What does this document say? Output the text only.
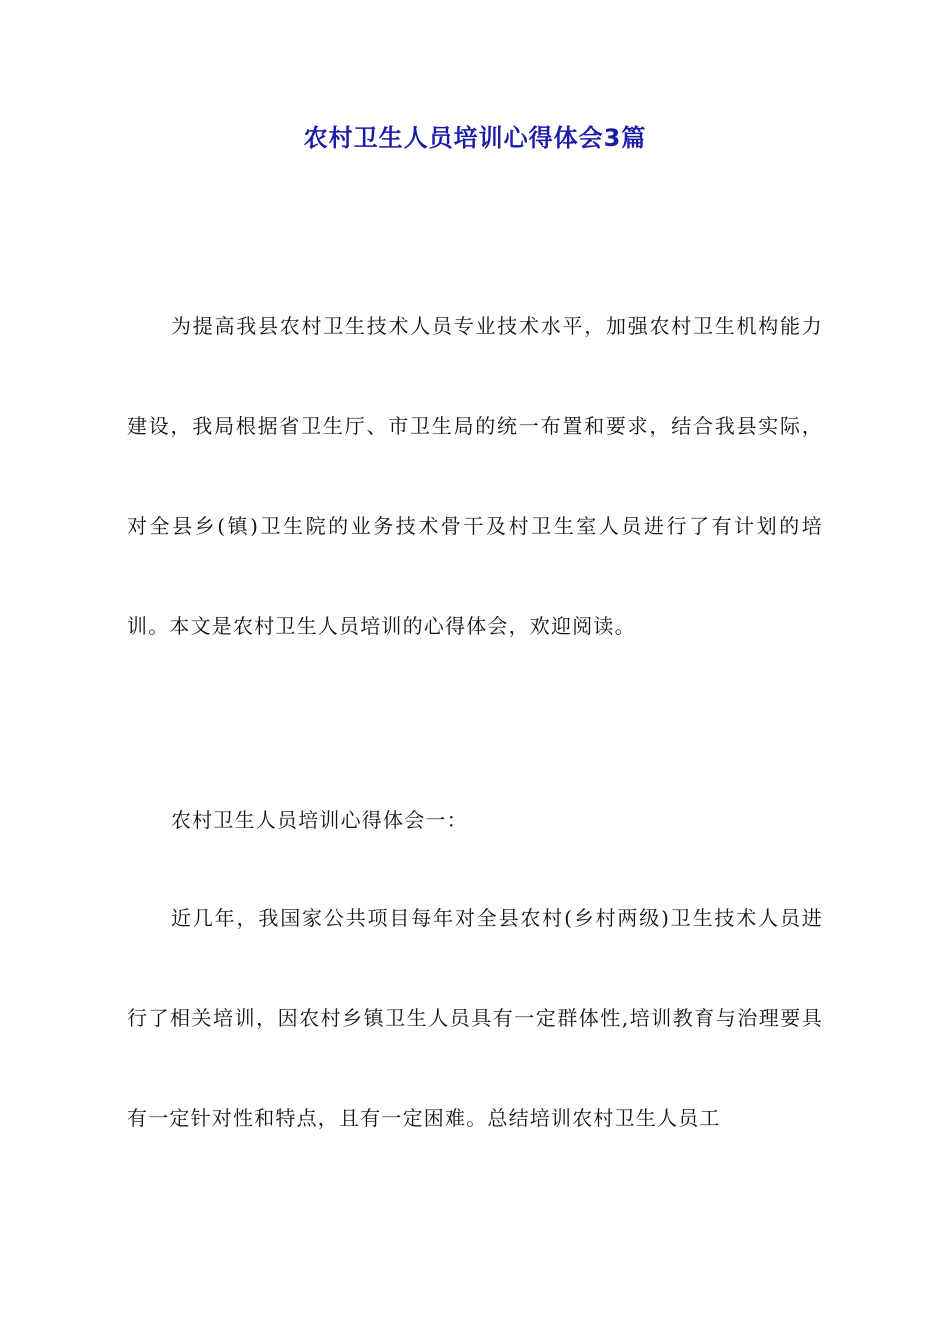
农村卫生人员培训心得体会3篇

为提高我县农村卫生技术人员专业技术水平，加强农村卫生机构能力建设，我局根据省卫生厅、市卫生局的统一布置和要求，结合我县实际，对全县乡(镇)卫生院的业务技术骨干及村卫生室人员进行了有计划的培训。本文是农村卫生人员培训的心得体会，欢迎阅读。

农村卫生人员培训心得体会一：

近几年，我国家公共项目每年对全县农村(乡村两级)卫生技术人员进行了相关培训，因农村乡镇卫生人员具有一定群体性,培训教育与治理要具有一定针对性和特点，且有一定困难。总结培训农村卫生人员工
